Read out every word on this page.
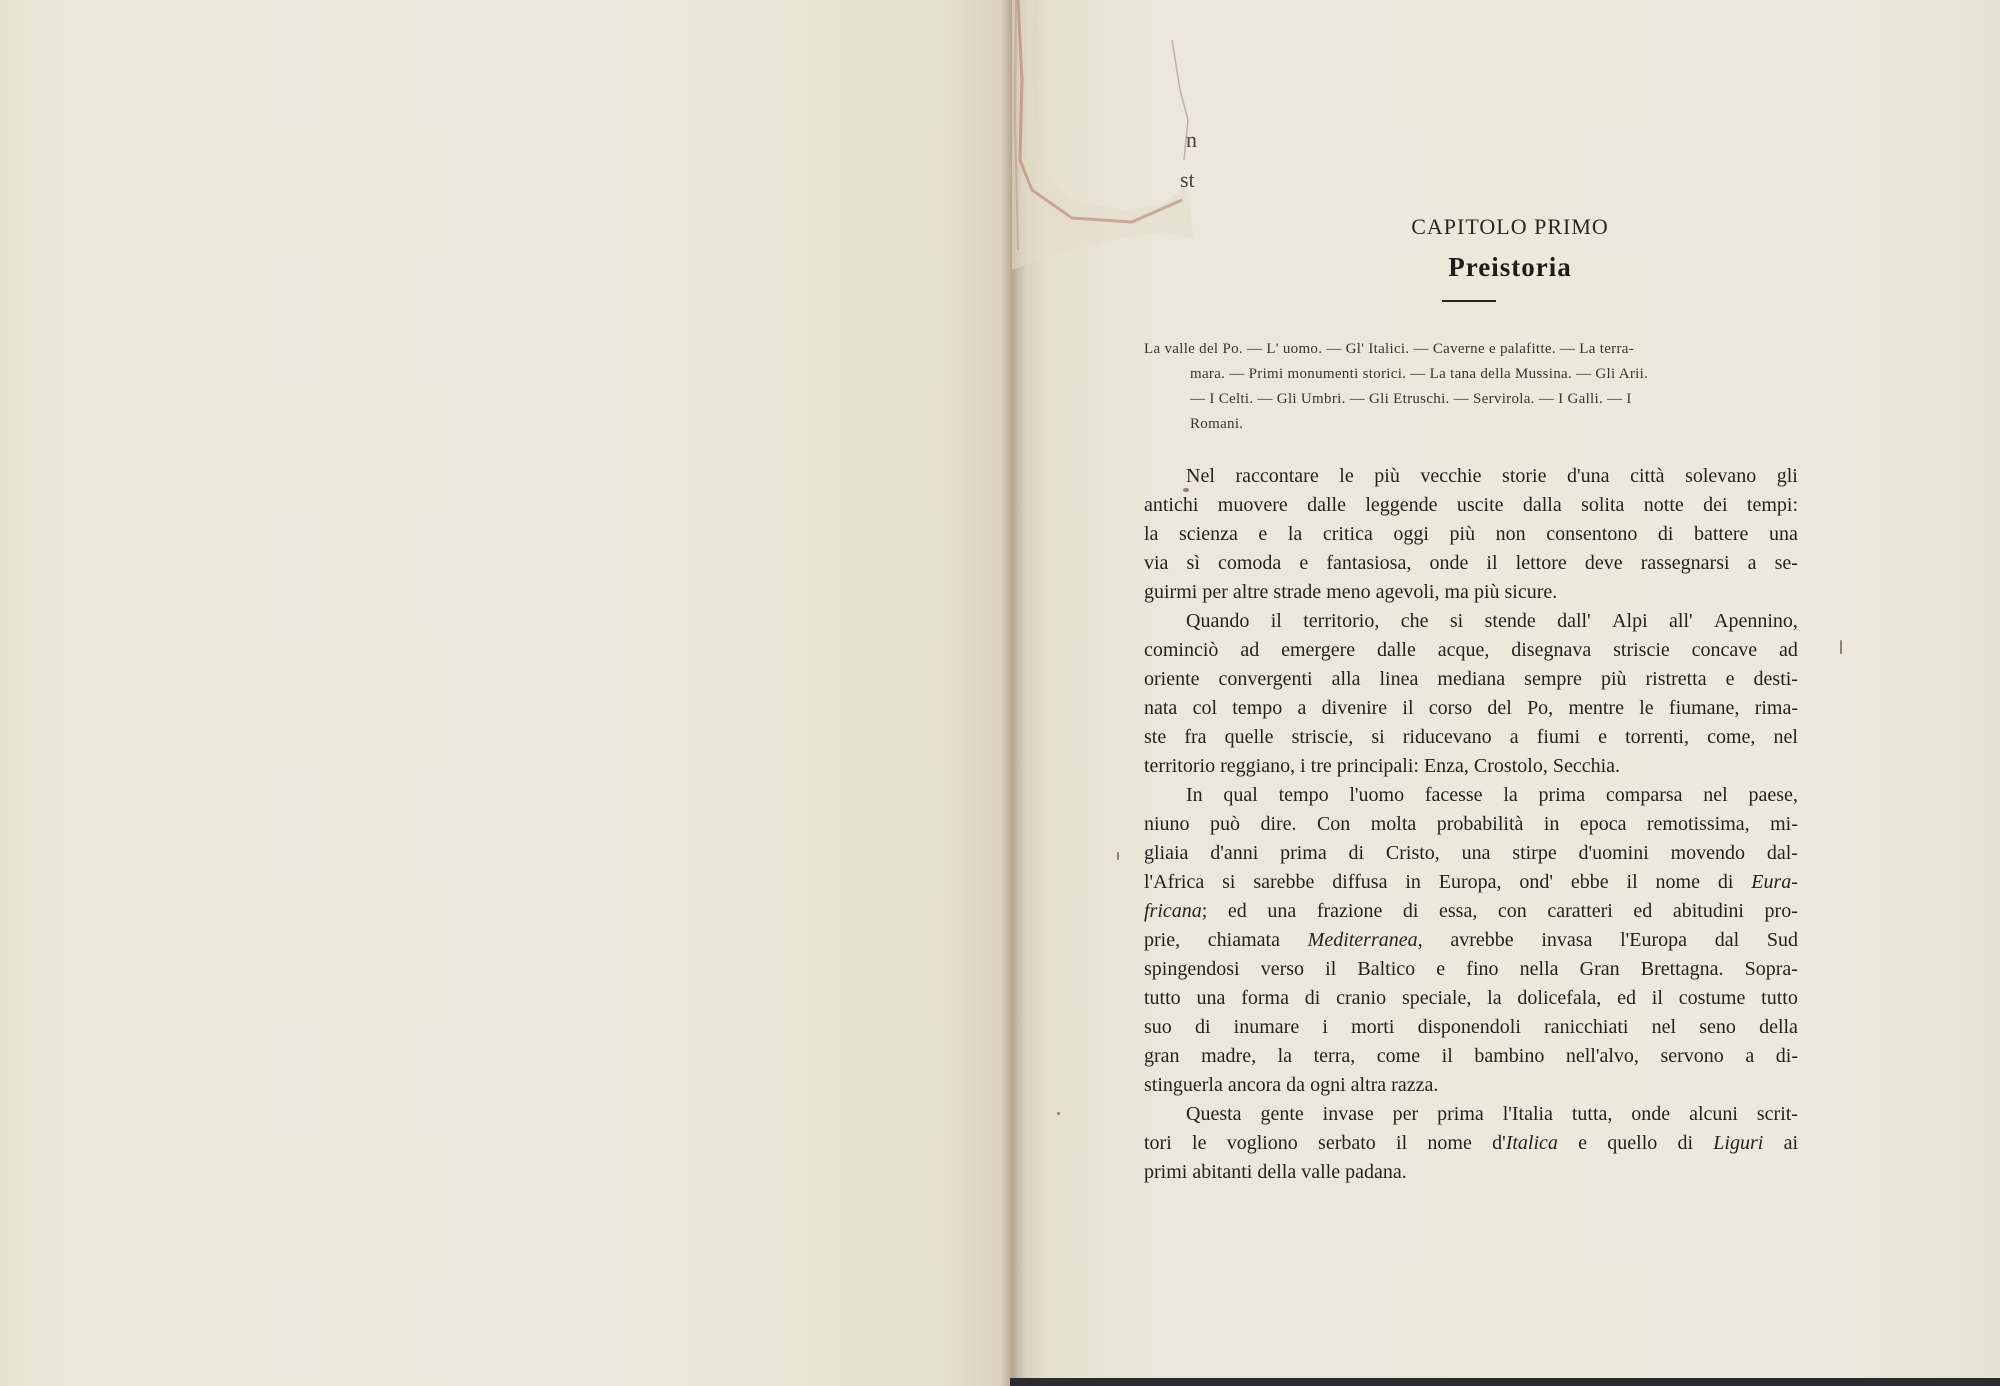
n
st
CAPITOLO PRIMO
Preistoria
La valle del Po. — L' uomo. — Gl' Italici. — Caverne e palafitte. — La terra-
mara. — Primi monumenti storici. — La tana della Mussina. — Gli Arii.
— I Celti. — Gli Umbri. — Gli Etruschi. — Servirola. — I Galli. — I
Romani.
Nel raccontare le più vecchie storie d'una città solevano gli
antichi muovere dalle leggende uscite dalla solita notte dei tempi:
la scienza e la critica oggi più non consentono di battere una
via sì comoda e fantasiosa, onde il lettore deve rassegnarsi a se-
guirmi per altre strade meno agevoli, ma più sicure.
Quando il territorio, che si stende dall' Alpi all' Apennino,
cominciò ad emergere dalle acque, disegnava striscie concave ad
oriente convergenti alla linea mediana sempre più ristretta e desti-
nata col tempo a divenire il corso del Po, mentre le fiumane, rima-
ste fra quelle striscie, si riducevano a fiumi e torrenti, come, nel
territorio reggiano, i tre principali: Enza, Crostolo, Secchia.
In qual tempo l'uomo facesse la prima comparsa nel paese,
niuno può dire. Con molta probabilità in epoca remotissima, mi-
gliaia d'anni prima di Cristo, una stirpe d'uomini movendo dal-
l'Africa si sarebbe diffusa in Europa, ond' ebbe il nome di Eura-
fricana; ed una frazione di essa, con caratteri ed abitudini pro-
prie, chiamata Mediterranea, avrebbe invasa l'Europa dal Sud
spingendosi verso il Baltico e fino nella Gran Brettagna. Sopra-
tutto una forma di cranio speciale, la dolicefala, ed il costume tutto
suo di inumare i morti disponendoli ranicchiati nel seno della
gran madre, la terra, come il bambino nell'alvo, servono a di-
stinguerla ancora da ogni altra razza.
Questa gente invase per prima l'Italia tutta, onde alcuni scrit-
tori le vogliono serbato il nome d'Italica e quello di Liguri ai
primi abitanti della valle padana.
